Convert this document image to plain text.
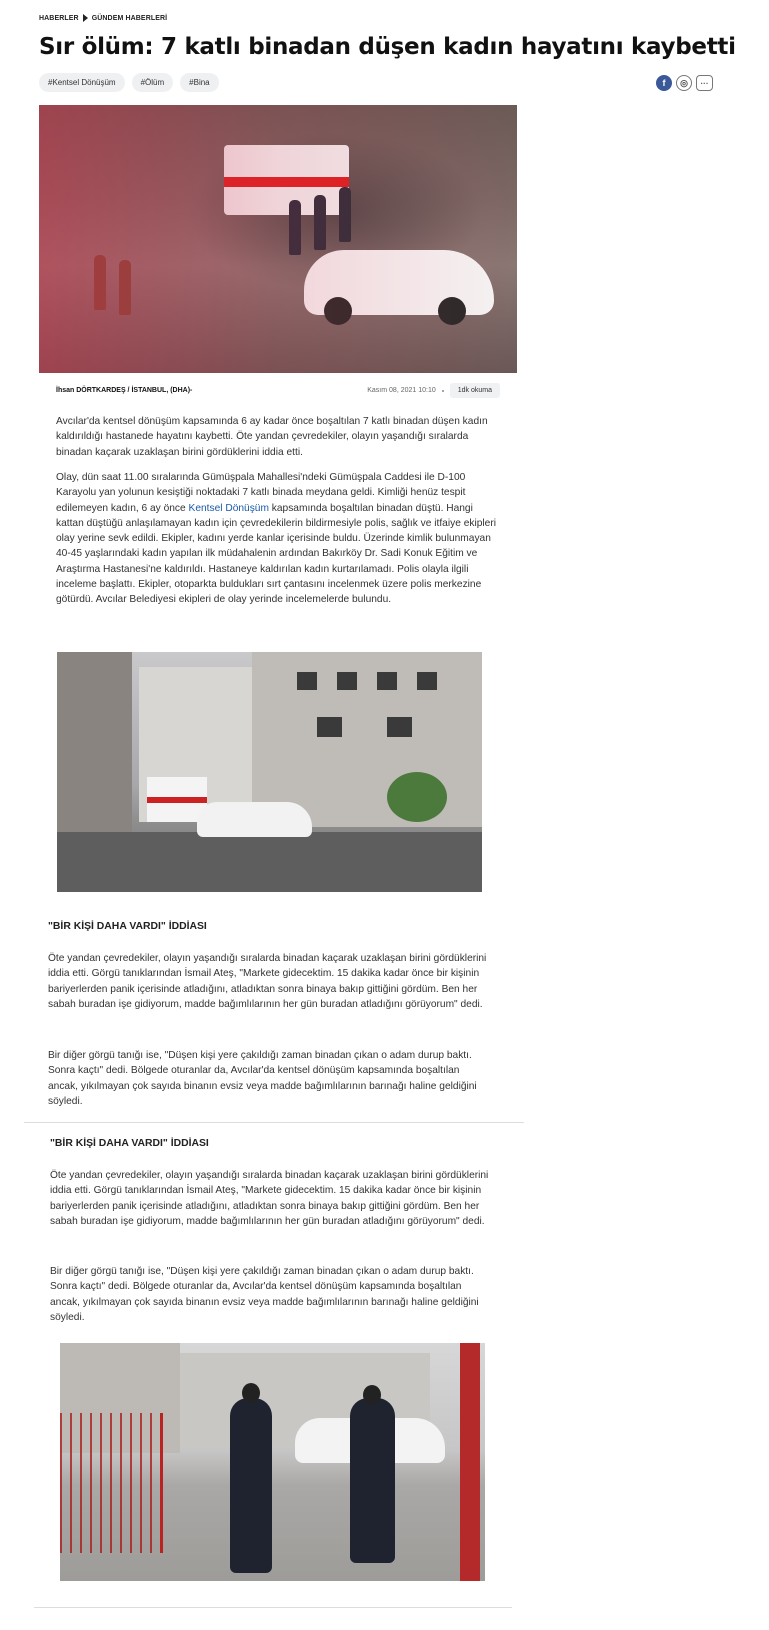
HABERLER GÜNDEM HABERLERİ
Sır ölüm: 7 katlı binadan düşen kadın hayatını kaybetti
#Kentsel Dönüşüm	#Ölüm	#Bina	f	◎	···
İhsan DÖRTKARDEŞ / İSTANBUL, (DHA)-	Kasım 08, 2021 10:10	1dk okuma

Avcılar'da kentsel dönüşüm kapsamında 6 ay kadar önce boşaltılan 7 katlı binadan düşen kadın kaldırıldığı hastanede hayatını kaybetti. Öte yandan çevredekiler, olayın yaşandığı sıralarda binadan kaçarak uzaklaşan birini gördüklerini iddia etti.

Olay, dün saat 11.00 sıralarında Gümüşpala Mahallesi'ndeki Gümüşpala Caddesi ile D-100 Karayolu yan yolunun kesiştiği noktadaki 7 katlı binada meydana geldi. Kimliği henüz tespit edilemeyen kadın, 6 ay önce Kentsel Dönüşüm kapsamında boşaltılan binadan düştü. Hangi kattan düştüğü anlaşılamayan kadın için çevredekilerin bildirmesiyle polis, sağlık ve itfaiye ekipleri olay yerine sevk edildi. Ekipler, kadını yerde kanlar içerisinde buldu. Üzerinde kimlik bulunmayan 40-45 yaşlarındaki kadın yapılan ilk müdahalenin ardından Bakırköy Dr. Sadi Konuk Eğitim ve Araştırma Hastanesi'ne kaldırıldı. Hastaneye kaldırılan kadın kurtarılamadı. Polis olayla ilgili inceleme başlattı. Ekipler, otoparkta buldukları sırt çantasını incelenmek üzere polis merkezine götürdü. Avcılar Belediyesi ekipleri de olay yerinde incelemelerde bulundu.

"BİR KİŞİ DAHA VARDI" İDDİASI

Öte yandan çevredekiler, olayın yaşandığı sıralarda binadan kaçarak uzaklaşan birini gördüklerini iddia etti. Görgü tanıklarından İsmail Ateş, "Markete gidecektim. 15 dakika kadar önce bir kişinin bariyerlerden panik içerisinde atladığını, atladıktan sonra binaya bakıp gittiğini gördüm. Ben her sabah buradan işe gidiyorum, madde bağımlılarının her gün buradan atladığını görüyorum" dedi.

Bir diğer görgü tanığı ise, "Düşen kişi yere çakıldığı zaman binadan çıkan o adam durup baktı. Sonra kaçtı" dedi. Bölgede oturanlar da, Avcılar'da kentsel dönüşüm kapsamında boşaltılan ancak, yıkılmayan çok sayıda binanın evsiz veya madde bağımlılarının barınağı haline geldiğini söyledi.

"BİR KİŞİ DAHA VARDI" İDDİASI

Öte yandan çevredekiler, olayın yaşandığı sıralarda binadan kaçarak uzaklaşan birini gördüklerini iddia etti. Görgü tanıklarından İsmail Ateş, "Markete gidecektim. 15 dakika kadar önce bir kişinin bariyerlerden panik içerisinde atladığını, atladıktan sonra binaya bakıp gittiğini gördüm. Ben her sabah buradan işe gidiyorum, madde bağımlılarının her gün buradan atladığını görüyorum" dedi.

Bir diğer görgü tanığı ise, "Düşen kişi yere çakıldığı zaman binadan çıkan o adam durup baktı. Sonra kaçtı" dedi. Bölgede oturanlar da, Avcılar'da kentsel dönüşüm kapsamında boşaltılan ancak, yıkılmayan çok sayıda binanın evsiz veya madde bağımlılarının barınağı haline geldiğini söyledi.
